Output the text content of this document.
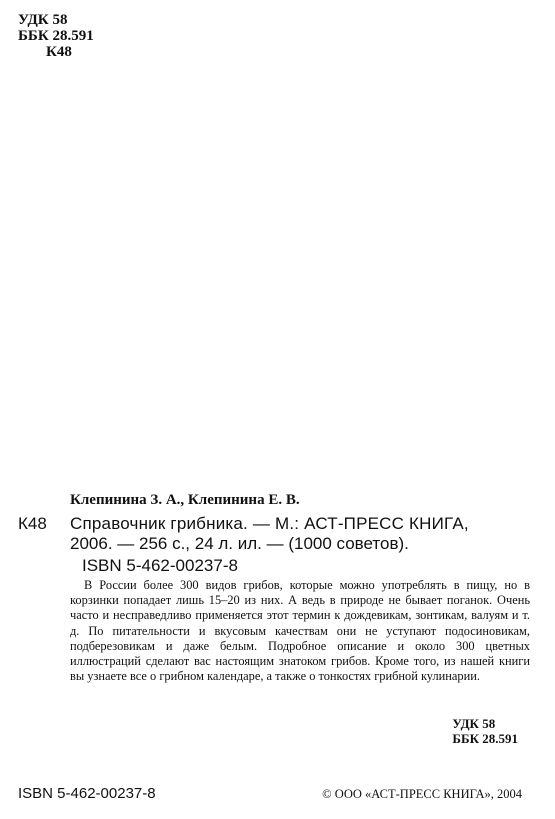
УДК 58
ББК 28.591
К48
Клепинина З. А., Клепинина Е. В.
К48 Справочник грибника. — М.: АСТ-ПРЕСС КНИГА,
2006. — 256 с., 24 л. ил. — (1000 советов).
ISBN 5-462-00237-8
В России более 300 видов грибов, которые можно употреблять в пищу, но в корзинки попадает лишь 15–20 из них. А ведь в природе не бывает поганок. Очень часто и несправедливо применяется этот термин к дождевикам, зонтикам, валуям и т. д. По питательности и вкусовым качествам они не уступают подосиновикам, подберезовикам и даже белым. Подробное описание и около 300 цветных иллюстраций сделают вас настоящим знатоком грибов. Кроме того, из нашей книги вы узнаете все о грибном календаре, а также о тонкостях грибной кулинарии.
УДК 58
ББК 28.591
ISBN 5-462-00237-8	© ООО «АСТ-ПРЕСС КНИГА», 2004
